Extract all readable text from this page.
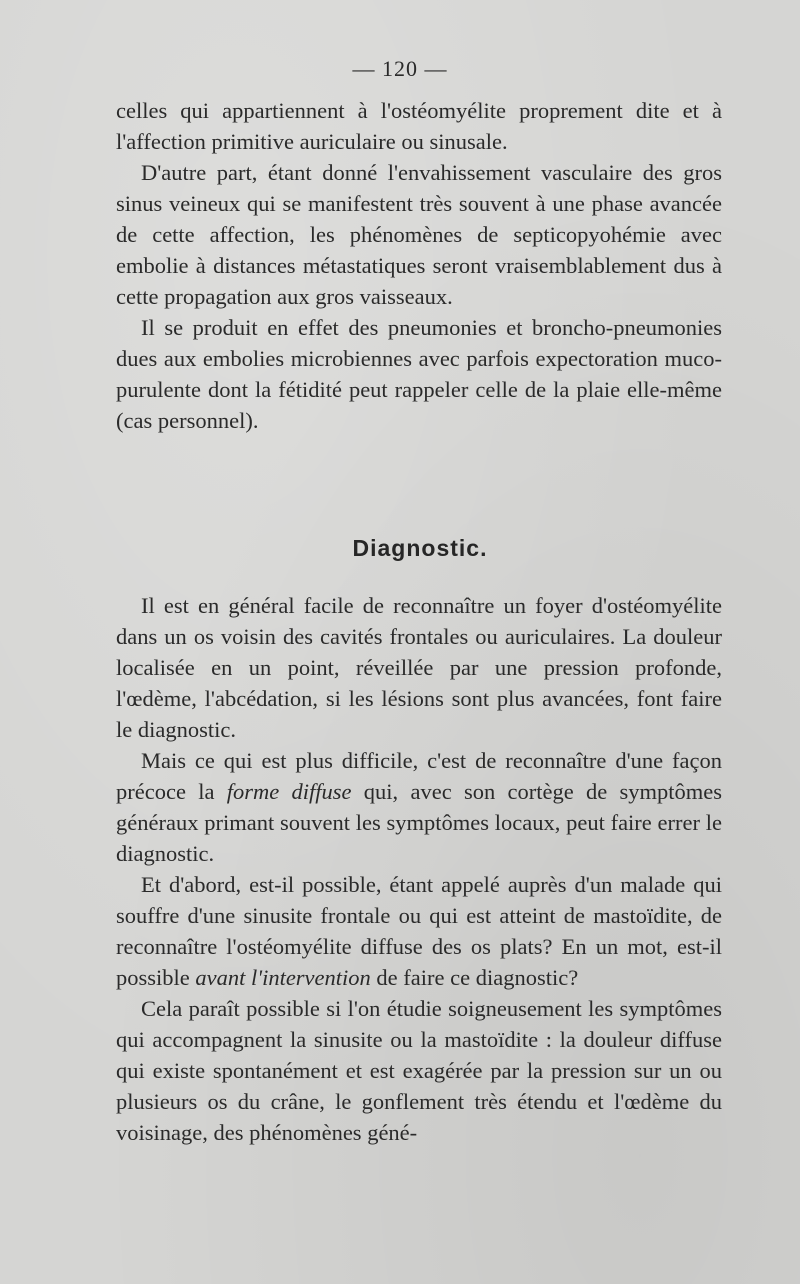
— 120 —

celles qui appartiennent à l'ostéomyélite proprement dite et à l'affection primitive auriculaire ou sinusale.

D'autre part, étant donné l'envahissement vasculaire des gros sinus veineux qui se manifestent très souvent à une phase avancée de cette affection, les phénomènes de septicopyohémie avec embolie à distances métastatiques seront vraisemblablement dus à cette propagation aux gros vaisseaux.

Il se produit en effet des pneumonies et broncho-pneumonies dues aux embolies microbiennes avec parfois expectoration muco-purulente dont la fétidité peut rappeler celle de la plaie elle-même (cas personnel).

Diagnostic.

Il est en général facile de reconnaître un foyer d'ostéomyélite dans un os voisin des cavités frontales ou auriculaires. La douleur localisée en un point, réveillée par une pression profonde, l'œdème, l'abcédation, si les lésions sont plus avancées, font faire le diagnostic.

Mais ce qui est plus difficile, c'est de reconnaître d'une façon précoce la forme diffuse qui, avec son cortège de symptômes généraux primant souvent les symptômes locaux, peut faire errer le diagnostic.

Et d'abord, est-il possible, étant appelé auprès d'un malade qui souffre d'une sinusite frontale ou qui est atteint de mastoïdite, de reconnaître l'ostéomyélite diffuse des os plats? En un mot, est-il possible avant l'intervention de faire ce diagnostic?

Cela paraît possible si l'on étudie soigneusement les symptômes qui accompagnent la sinusite ou la mastoïdite : la douleur diffuse qui existe spontanément et est exagérée par la pression sur un ou plusieurs os du crâne, le gonflement très étendu et l'œdème du voisinage, des phénomènes géné-
